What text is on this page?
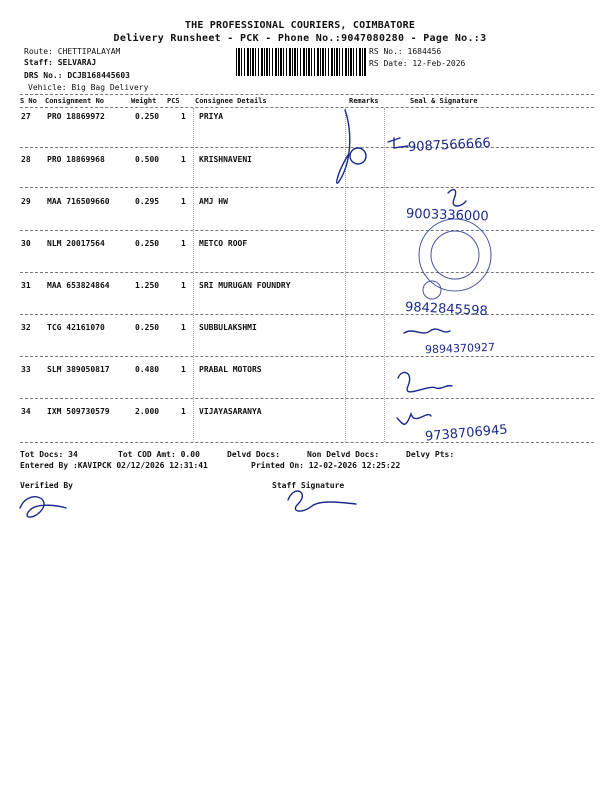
THE PROFESSIONAL COURIERS, COIMBATORE
Delivery Runsheet - PCK - Phone No.:9047080280 - Page No.:3
Route: CHETTIPALAYAM
Staff: SELVARAJ
DRS No.: DCJB168445603
Vehicle: Big Bag Delivery
RS No.: 1684456
RS Date: 12-Feb-2026
S No Consignment No	Weight PCS Consignee Details	Remarks	Seal & Signature
27 PRO 18869972	0.250	1 PRIYA
28 PRO 18869968	0.500	1 KRISHNAVENI
29 MAA 716509660	0.295	1 AMJ HW
30 NLM 20017564	0.250	1 METCO ROOF
31 MAA 653824864	1.250	1 SRI MURUGAN FOUNDRY
32 TCG 42161070	0.250	1 SUBBULAKSHMI
33 SLM 389050817	0.480	1 PRABAL MOTORS
34 IXM 509730579	2.000	1 VIJAYASARANYA
9087566666
9003336000
9842845598
9894370927
9738706945
Tot Docs: 34	Tot COD Amt: 0.00	Delvd Docs:	Non Delvd Docs:	Delvy Pts:
Entered By :KAVIPCK 02/12/2026 12:31:41	Printed On: 12-02-2026 12:25:22
Verified By	Staff Signature
